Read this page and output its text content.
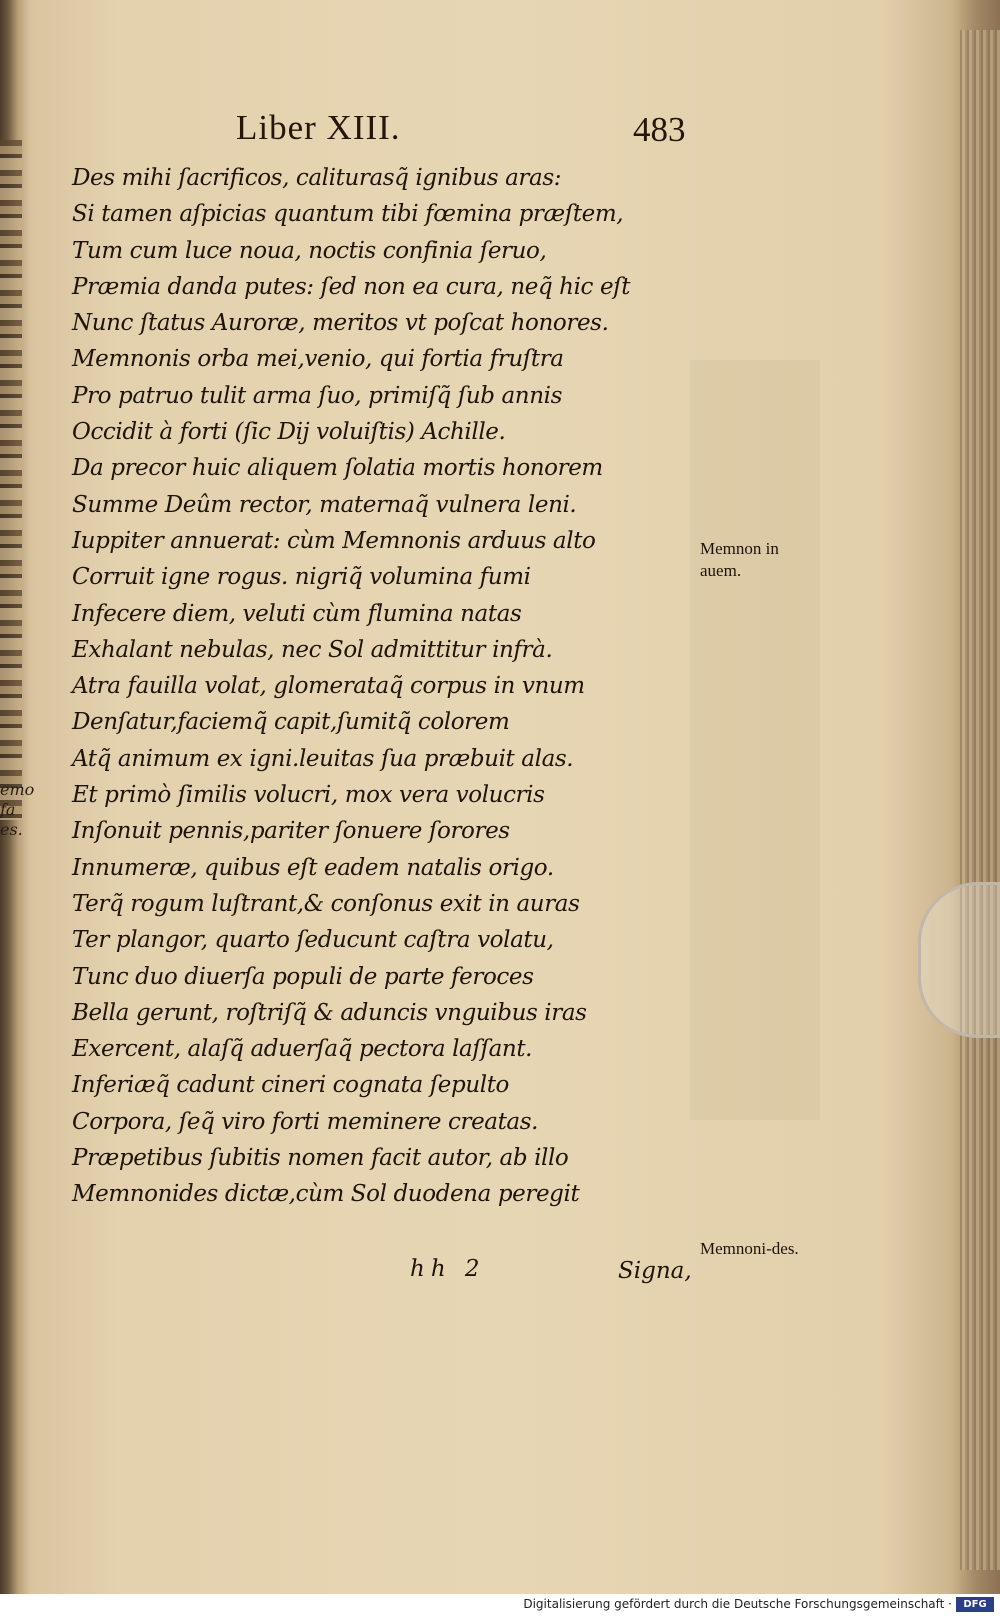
emo fa es.
Liber XIII.	483
Des mihi ſacrificos, caliturasq̃ ignibus aras:
Si tamen aſpicias quantum tibi fœmina præſtem,
Tum cum luce noua, noctis confinia ſeruo,
Præmia danda putes: ſed non ea cura, neq̃ hic eſt
Nunc ſtatus Auroræ, meritos vt poſcat honores.
Memnonis orba mei,venio, qui fortia fruſtra
Pro patruo tulit arma ſuo, primiſq̃ ſub annis
Occidit à forti (ſic Dij voluiſtis) Achille.
Da precor huic aliquem ſolatia mortis honorem
Summe Deûm rector, maternaq̃ vulnera leni.
Iuppiter annuerat: cùm Memnonis arduus alto
Corruit igne rogus. nigriq̃ volumina fumi
Infecere diem, veluti cùm flumina natas
Exhalant nebulas, nec Sol admittitur infrà.
Atra fauilla volat, glomerataq̃ corpus in vnum
Denſatur,faciemq̃ capit,ſumitq̃ colorem
Atq̃ animum ex igni.leuitas ſua præbuit alas.
Et primò ſimilis volucri, mox vera volucris
Inſonuit pennis,pariter ſonuere ſorores
Innumeræ, quibus eſt eadem natalis origo.
Terq̃ rogum luſtrant,& conſonus exit in auras
Ter plangor, quarto ſeducunt caſtra volatu,
Tunc duo diuerſa populi de parte feroces
Bella gerunt, roſtriſq̃ & aduncis vnguibus iras
Exercent, alaſq̃ aduerſaq̃ pectora laſſant.
Inferiæq̃ cadunt cineri cognata ſepulto
Corpora, ſeq̃ viro forti meminere creatas.
Præpetibus ſubitis nomen facit autor, ab illo
Memnonides dictæ,cùm Sol duodena peregit
Memnon in auem.
Memnoni-des.
hh 2	Signa,
Digitalisierung gefördert durch die Deutsche Forschungsgemeinschaft ·	DFG
